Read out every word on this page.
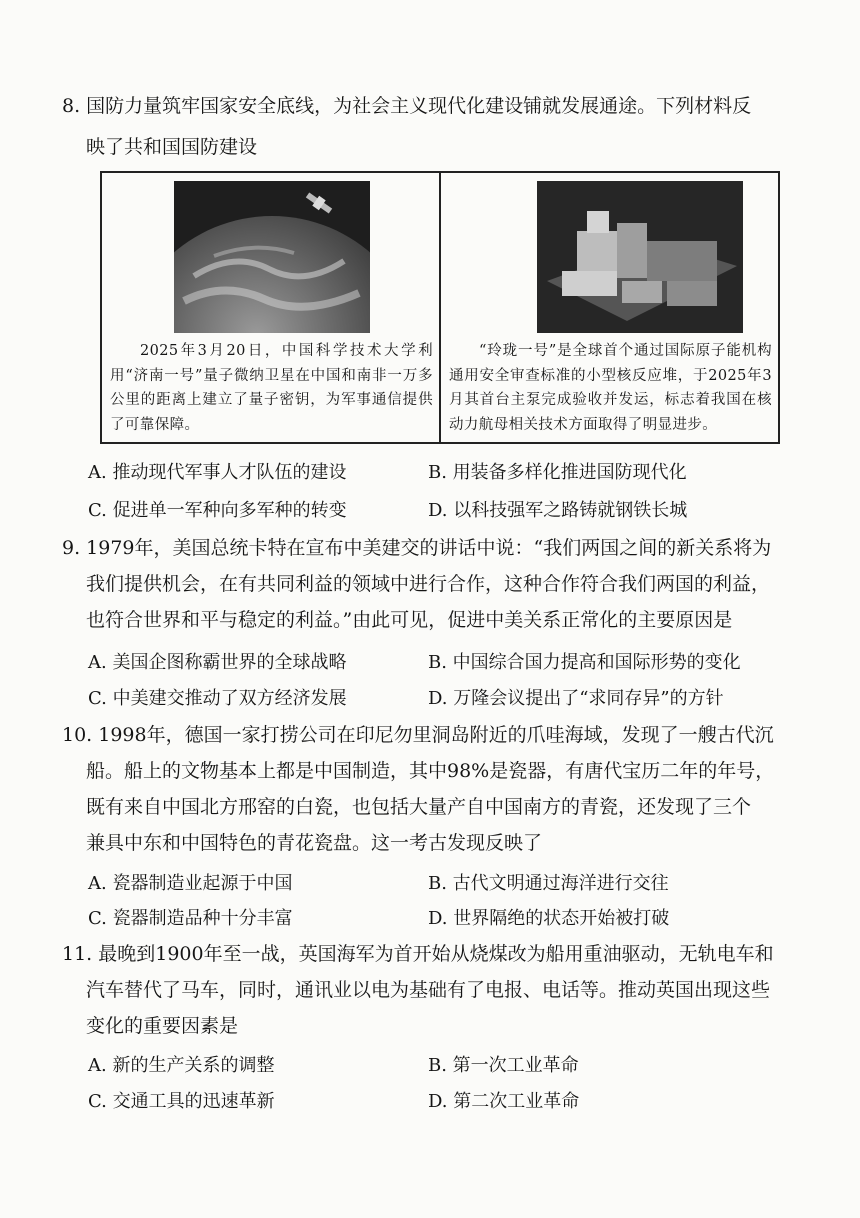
8. 国防力量筑牢国家安全底线，为社会主义现代化建设铺就发展通途。下列材料反
映了共和国国防建设
2025年3月20日，中国科学技术大学利用“济南一号”量子微纳卫星在中国和南非一万多公里的距离上建立了量子密钥，为军事通信提供了可靠保障。
“玲珑一号”是全球首个通过国际原子能机构通用安全审查标准的小型核反应堆，于2025年3月其首台主泵完成验收并发运，标志着我国在核动力航母相关技术方面取得了明显进步。
A. 推动现代军事人才队伍的建设	B. 用装备多样化推进国防现代化
C. 促进单一军种向多军种的转变	D. 以科技强军之路铸就钢铁长城
9. 1979年，美国总统卡特在宣布中美建交的讲话中说：“我们两国之间的新关系将为
我们提供机会，在有共同利益的领域中进行合作，这种合作符合我们两国的利益，
也符合世界和平与稳定的利益。”由此可见，促进中美关系正常化的主要原因是
A. 美国企图称霸世界的全球战略	B. 中国综合国力提高和国际形势的变化
C. 中美建交推动了双方经济发展	D. 万隆会议提出了“求同存异”的方针
10. 1998年，德国一家打捞公司在印尼勿里洞岛附近的爪哇海域，发现了一艘古代沉
船。船上的文物基本上都是中国制造，其中98%是瓷器，有唐代宝历二年的年号，
既有来自中国北方邢窑的白瓷，也包括大量产自中国南方的青瓷，还发现了三个
兼具中东和中国特色的青花瓷盘。这一考古发现反映了
A. 瓷器制造业起源于中国	B. 古代文明通过海洋进行交往
C. 瓷器制造品种十分丰富	D. 世界隔绝的状态开始被打破
11. 最晚到1900年至一战，英国海军为首开始从烧煤改为船用重油驱动，无轨电车和
汽车替代了马车，同时，通讯业以电为基础有了电报、电话等。推动英国出现这些
变化的重要因素是
A. 新的生产关系的调整	B. 第一次工业革命
C. 交通工具的迅速革新	D. 第二次工业革命
